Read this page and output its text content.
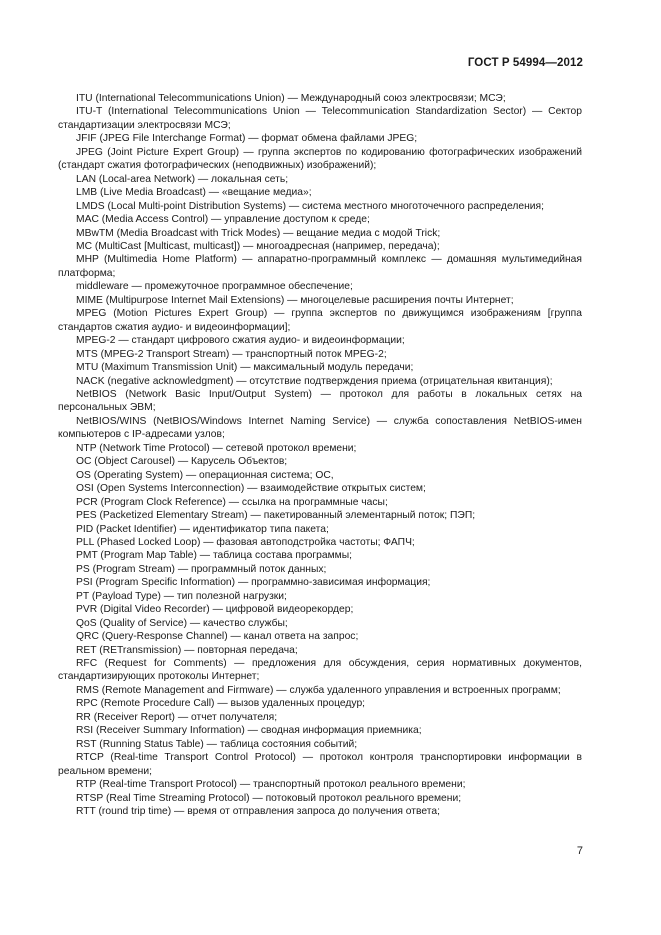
ГОСТ Р 54994—2012

ITU (International Telecommunications Union) — Международный союз электросвязи; МСЭ;

ITU-T (International Telecommunications Union — Telecommunication Standardization Sector) — Сектор стандартизации электросвязи МСЭ;

JFIF (JPEG File Interchange Format) — формат обмена файлами JPEG;

JPEG (Joint Picture Expert Group) — группа экспертов по кодированию фотографических изображений (стандарт сжатия фотографических (неподвижных) изображений);

LAN (Local-area Network) — локальная сеть;

LMB (Live Media Broadcast) — «вещание медиа»;

LMDS (Local Multi-point Distribution Systems) — система местного многоточечного распределения;

MAC (Media Access Control) — управление доступом к среде;

MBwTM (Media Broadcast with Trick Modes) — вещание медиа с модой Trick;

MC (MultiCast [Multicast, multicast]) — многоадресная (например, передача);

MHP (Multimedia Home Platform) — аппаратно-программный комплекс — домашняя мультимедийная платформа;

middleware — промежуточное программное обеспечение;

MIME (Multipurpose Internet Mail Extensions) — многоцелевые расширения почты Интернет;

MPEG (Motion Pictures Expert Group) — группа экспертов по движущимся изображениям [группа стандартов сжатия аудио- и видеоинформации];

MPEG-2 — стандарт цифрового сжатия аудио- и видеоинформации;

MTS (MPEG-2 Transport Stream) — транспортный поток MPEG-2;

MTU (Maximum Transmission Unit) — максимальный модуль передачи;

NACK (negative acknowledgment) — отсутствие подтверждения приема (отрицательная квитанция);

NetBIOS (Network Basic Input/Output System) — протокол для работы в локальных сетях на персональных ЭВМ;

NetBIOS/WINS (NetBIOS/Windows Internet Naming Service) — служба сопоставления NetBIOS-имен компьютеров с IP-адресами узлов;

NTP (Network Time Protocol) — сетевой протокол времени;

OC (Object Carousel) — Карусель Объектов;

OS (Operating System) — операционная система; ОС,

OSI (Open Systems Interconnection) — взаимодействие открытых систем;

PCR (Program Clock Reference) — ссылка на программные часы;

PES (Packetized Elementary Stream) — пакетированный элементарный поток; ПЭП;

PID (Packet Identifier) — идентификатор типа пакета;

PLL (Phased Locked Loop) — фазовая автоподстройка частоты; ФАПЧ;

PMT (Program Map Table) — таблица состава программы;

PS (Program Stream) — программный поток данных;

PSI (Program Specific Information) — программно-зависимая информация;

PT (Payload Type) — тип полезной нагрузки;

PVR (Digital Video Recorder) — цифровой видеорекордер;

QoS (Quality of Service) — качество службы;

QRC (Query-Response Channel) — канал ответа на запрос;

RET (RETransmission) — повторная передача;

RFC (Request for Comments) — предложения для обсуждения, серия нормативных документов, стандартизирующих протоколы Интернет;

RMS (Remote Management and Firmware) — служба удаленного управления и встроенных программ;

RPC (Remote Procedure Call) — вызов удаленных процедур;

RR (Receiver Report) — отчет получателя;

RSI (Receiver Summary Information) — сводная информация приемника;

RST (Running Status Table) — таблица состояния событий;

RTCP (Real-time Transport Control Protocol) — протокол контроля транспортировки информации в реальном времени;

RTP (Real-time Transport Protocol) — транспортный протокол реального времени;

RTSP (Real Time Streaming Protocol) — потоковый протокол реального времени;

RTT (round trip time) — время от отправления запроса до получения ответа;

7
